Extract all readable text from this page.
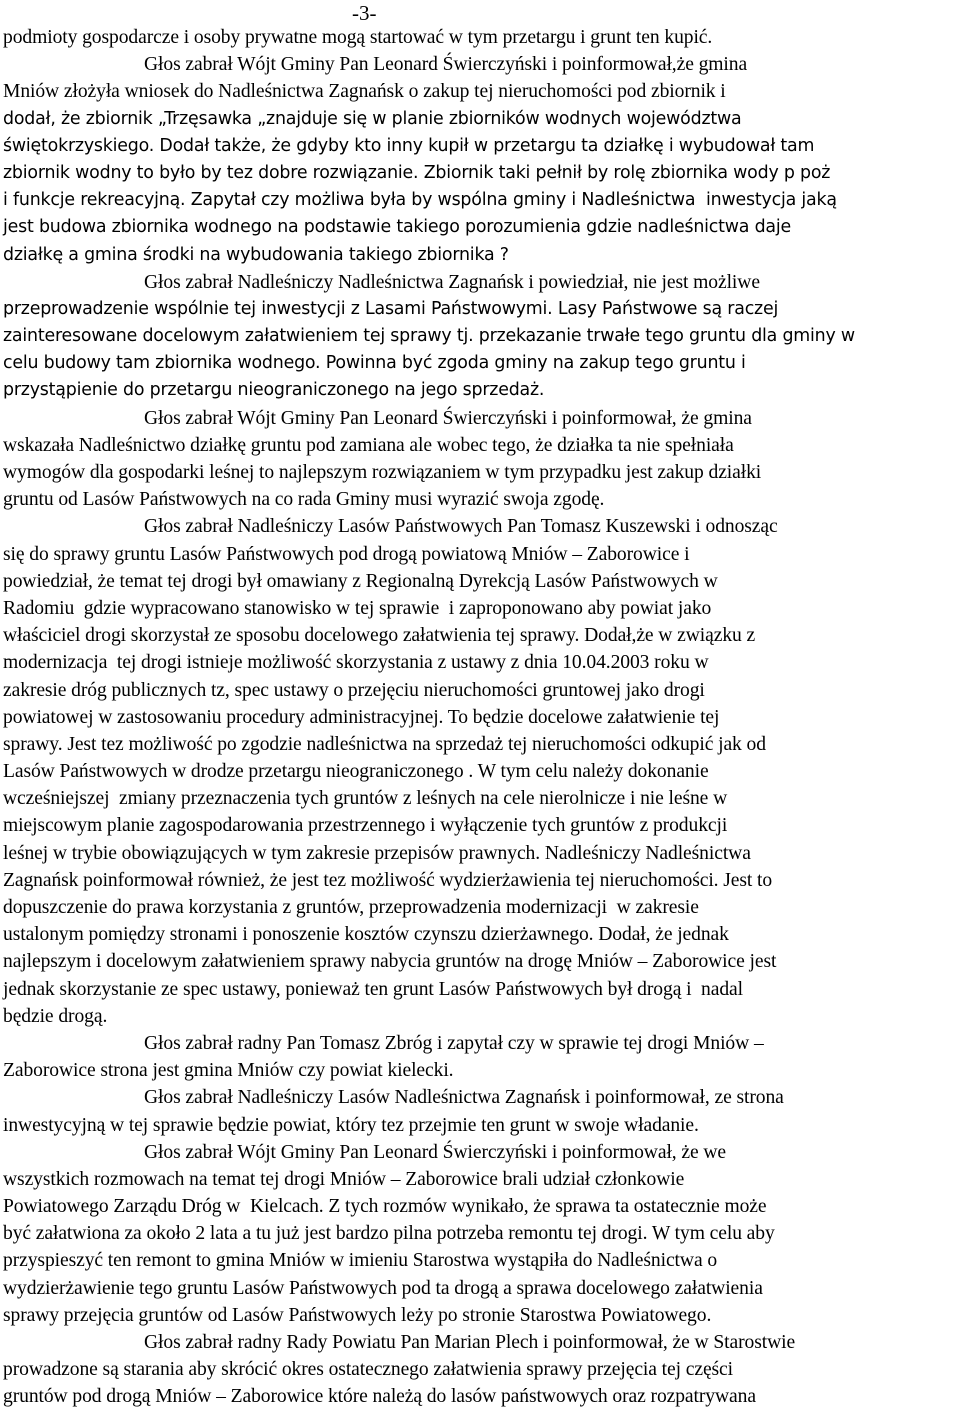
-3-
podmioty gospodarcze i osoby prywatne mogą startować w tym przetargu i grunt ten kupić.
Głos zabrał Wójt Gminy Pan Leonard Świerczyński i poinformował,że gmina
Mniów złożyła wniosek do Nadleśnictwa Zagnańsk o zakup tej nieruchomości pod zbiornik i
dodał, że zbiornik „Trzęsawka „znajduje się w planie zbiorników wodnych województwa
świętokrzyskiego. Dodał także, że gdyby kto inny kupił w przetargu ta działkę i wybudował tam
zbiornik wodny to było by tez dobre rozwiązanie. Zbiornik taki pełnił by rolę zbiornika wody p poż
i funkcje rekreacyjną. Zapytał czy możliwa była by wspólna gminy i Nadleśnictwa  inwestycja jaką
jest budowa zbiornika wodnego na podstawie takiego porozumienia gdzie nadleśnictwa daje
działkę a gmina środki na wybudowania takiego zbiornika ?
Głos zabrał Nadleśniczy Nadleśnictwa Zagnańsk i powiedział, nie jest możliwe
przeprowadzenie wspólnie tej inwestycji z Lasami Państwowymi. Lasy Państwowe są raczej
zainteresowane docelowym załatwieniem tej sprawy tj. przekazanie trwałe tego gruntu dla gminy w
celu budowy tam zbiornika wodnego. Powinna być zgoda gminy na zakup tego gruntu i
przystąpienie do przetargu nieograniczonego na jego sprzedaż.
Głos zabrał Wójt Gminy Pan Leonard Świerczyński i poinformował, że gmina
wskazała Nadleśnictwo działkę gruntu pod zamiana ale wobec tego, że działka ta nie spełniała
wymogów dla gospodarki leśnej to najlepszym rozwiązaniem w tym przypadku jest zakup działki
gruntu od Lasów Państwowych na co rada Gminy musi wyrazić swoja zgodę.
Głos zabrał Nadleśniczy Lasów Państwowych Pan Tomasz Kuszewski i odnosząc
się do sprawy gruntu Lasów Państwowych pod drogą powiatową Mniów – Zaborowice i
powiedział, że temat tej drogi był omawiany z Regionalną Dyrekcją Lasów Państwowych w
Radomiu  gdzie wypracowano stanowisko w tej sprawie  i zaproponowano aby powiat jako
właściciel drogi skorzystał ze sposobu docelowego załatwienia tej sprawy. Dodał,że w związku z
modernizacja  tej drogi istnieje możliwość skorzystania z ustawy z dnia 10.04.2003 roku w
zakresie dróg publicznych tz, spec ustawy o przejęciu nieruchomości gruntowej jako drogi
powiatowej w zastosowaniu procedury administracyjnej. To będzie docelowe załatwienie tej
sprawy. Jest tez możliwość po zgodzie nadleśnictwa na sprzedaż tej nieruchomości odkupić jak od
Lasów Państwowych w drodze przetargu nieograniczonego . W tym celu należy dokonanie
wcześniejszej  zmiany przeznaczenia tych gruntów z leśnych na cele nierolnicze i nie leśne w
miejscowym planie zagospodarowania przestrzennego i wyłączenie tych gruntów z produkcji
leśnej w trybie obowiązujących w tym zakresie przepisów prawnych. Nadleśniczy Nadleśnictwa
Zagnańsk poinformował również, że jest tez możliwość wydzierżawienia tej nieruchomości. Jest to
dopuszczenie do prawa korzystania z gruntów, przeprowadzenia modernizacji  w zakresie
ustalonym pomiędzy stronami i ponoszenie kosztów czynszu dzierżawnego. Dodał, że jednak
najlepszym i docelowym załatwieniem sprawy nabycia gruntów na drogę Mniów – Zaborowice jest
jednak skorzystanie ze spec ustawy, ponieważ ten grunt Lasów Państwowych był drogą i  nadal
będzie drogą.
Głos zabrał radny Pan Tomasz Zbróg i zapytał czy w sprawie tej drogi Mniów –
Zaborowice strona jest gmina Mniów czy powiat kielecki.
Głos zabrał Nadleśniczy Lasów Nadleśnictwa Zagnańsk i poinformował, ze strona
inwestycyjną w tej sprawie będzie powiat, który tez przejmie ten grunt w swoje władanie.
Głos zabrał Wójt Gminy Pan Leonard Świerczyński i poinformował, że we
wszystkich rozmowach na temat tej drogi Mniów – Zaborowice brali udział członkowie
Powiatowego Zarządu Dróg w  Kielcach. Z tych rozmów wynikało, że sprawa ta ostatecznie może
być załatwiona za około 2 lata a tu już jest bardzo pilna potrzeba remontu tej drogi. W tym celu aby
przyspieszyć ten remont to gmina Mniów w imieniu Starostwa wystąpiła do Nadleśnictwa o
wydzierżawienie tego gruntu Lasów Państwowych pod ta drogą a sprawa docelowego załatwienia
sprawy przejęcia gruntów od Lasów Państwowych leży po stronie Starostwa Powiatowego.
Głos zabrał radny Rady Powiatu Pan Marian Plech i poinformował, że w Starostwie
prowadzone są starania aby skrócić okres ostatecznego załatwienia sprawy przejęcia tej części
gruntów pod drogą Mniów – Zaborowice które należą do lasów państwowych oraz rozpatrywana
